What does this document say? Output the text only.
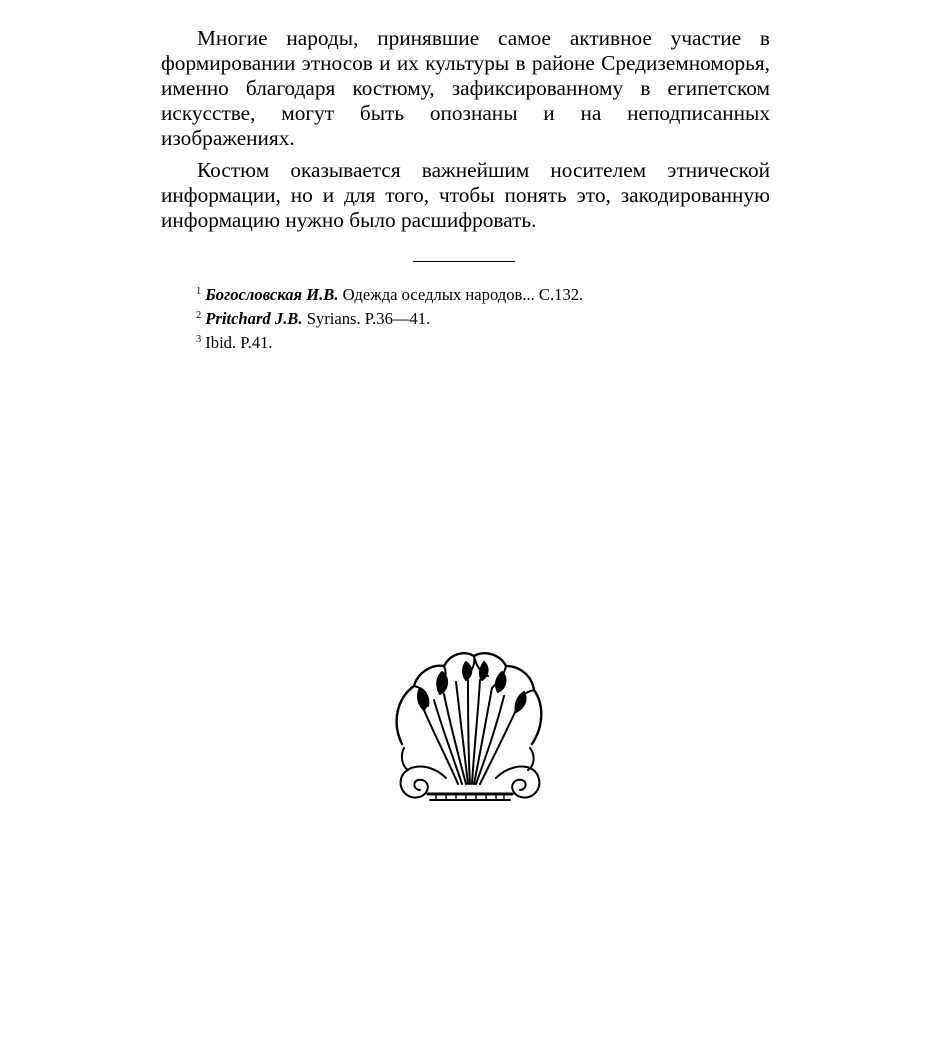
Многие народы, принявшие самое активное участие в формировании этносов и их культуры в районе Средиземноморья, именно благодаря костюму, зафиксированному в египетском искусстве, могут быть опознаны и на неподписанных изображениях.

Костюм оказывается важнейшим носителем этнической информации, но и для того, чтобы понять это, закодированную информацию нужно было расшифровать.

$^1$ Богословская И.В. Одежда оседлых народов... С.132.

$^2$ Pritchard J.B. Syrians. P.36—41.

$^3$ Ibid. P.41.
